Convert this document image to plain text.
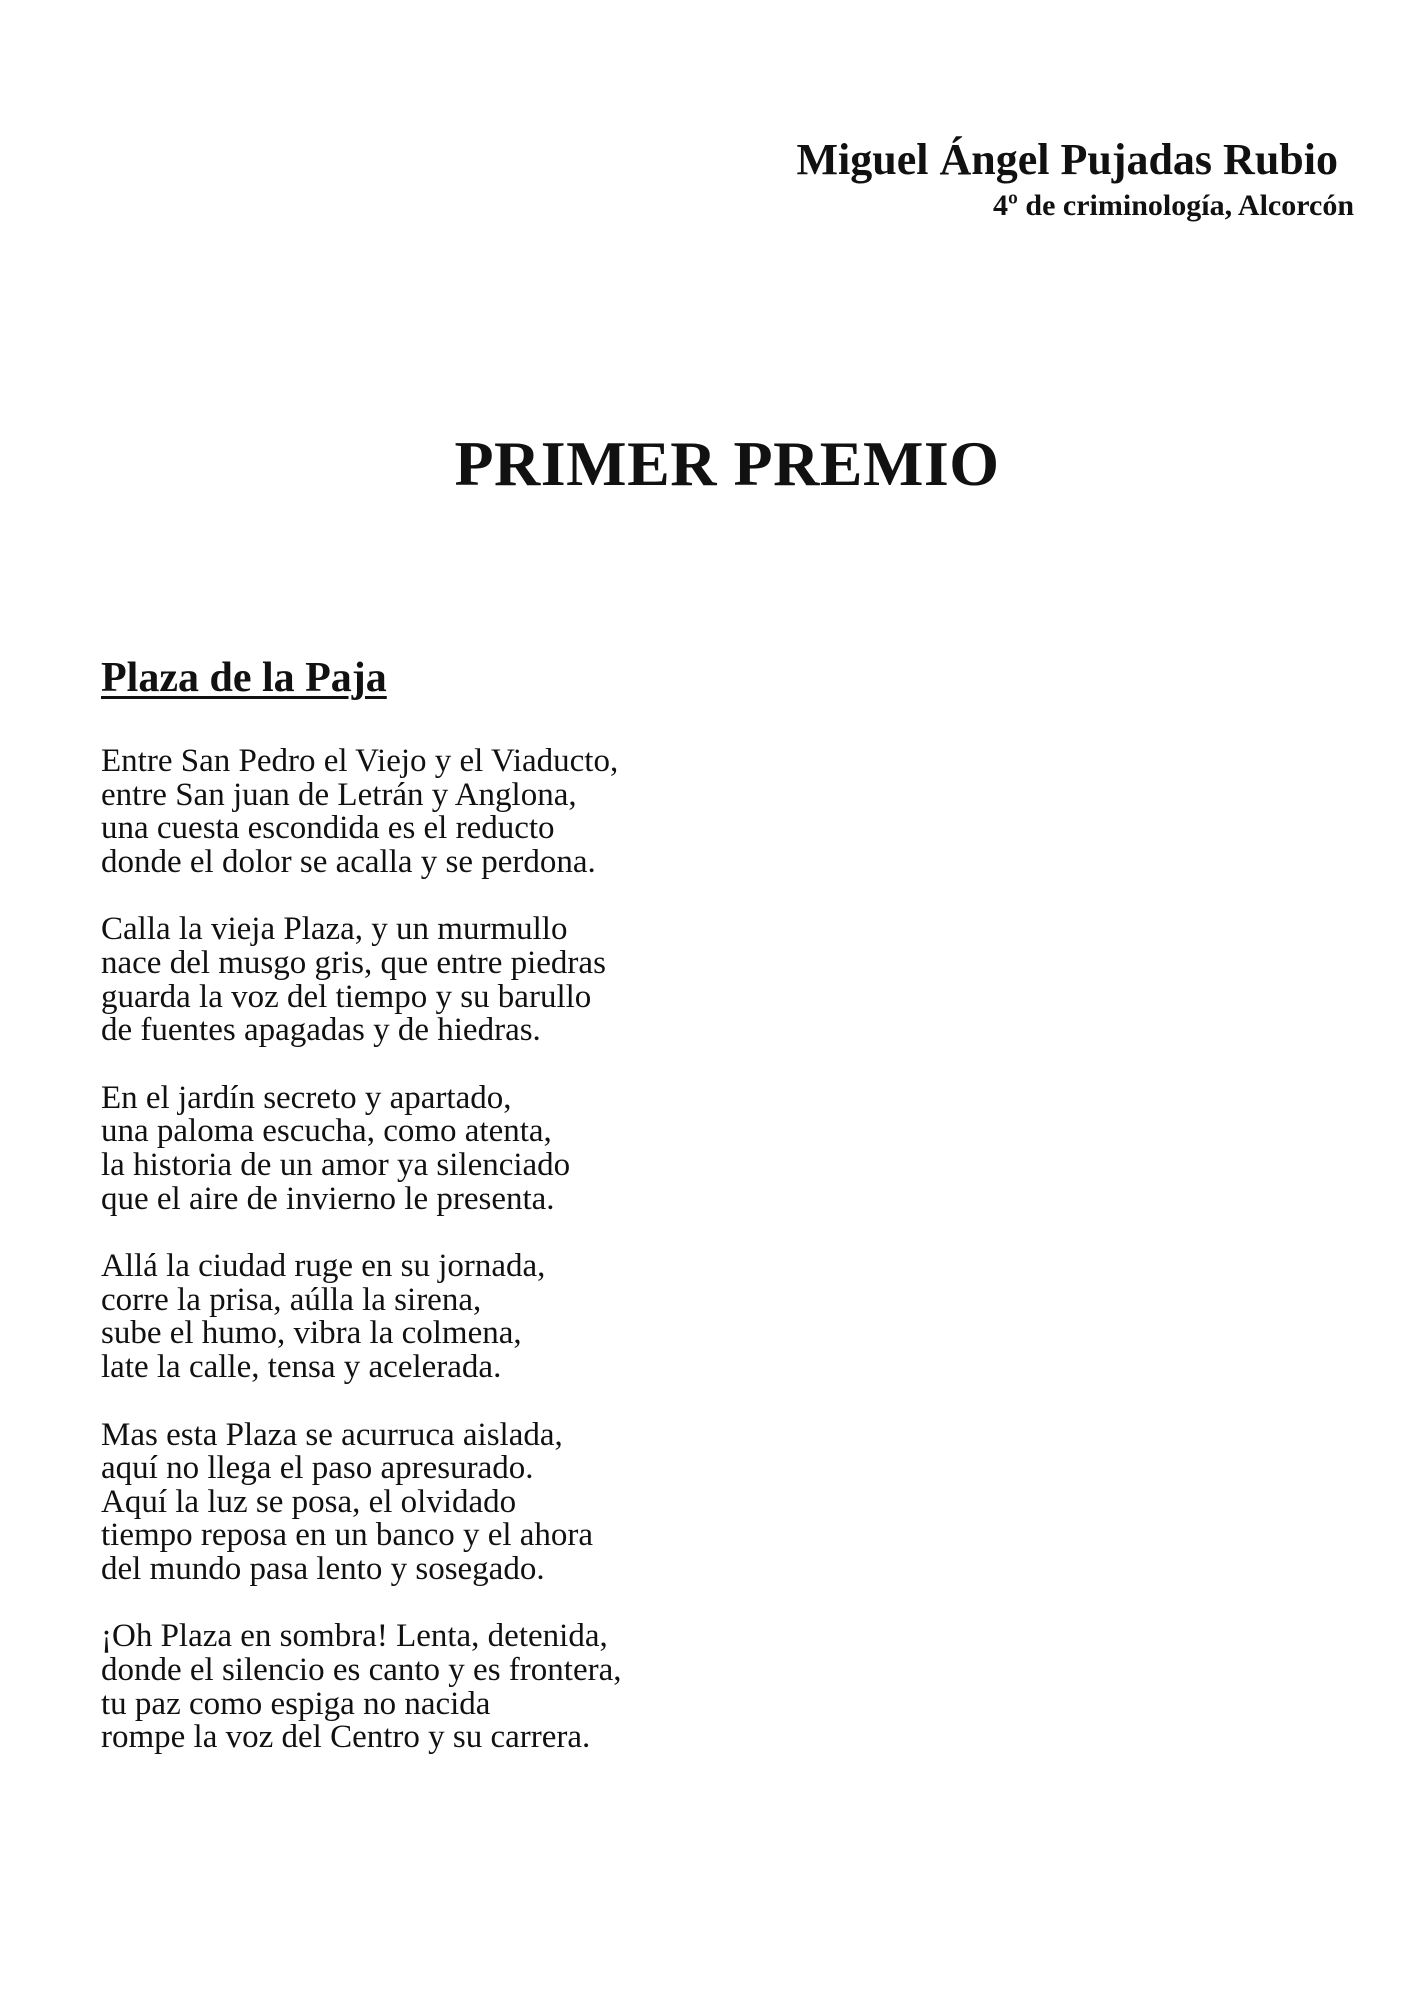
Miguel Ángel Pujadas Rubio
4º de criminología, Alcorcón
PRIMER PREMIO
Plaza de la Paja
Entre San Pedro el Viejo y el Viaducto,
entre San juan de Letrán y Anglona,
una cuesta escondida es el reducto
donde el dolor se acalla y se perdona.
Calla la vieja Plaza, y un murmullo
nace del musgo gris, que entre piedras
guarda la voz del tiempo y su barullo
de fuentes apagadas y de hiedras.
En el jardín secreto y apartado,
una paloma escucha, como atenta,
la historia de un amor ya silenciado
que el aire de invierno le presenta.
Allá la ciudad ruge en su jornada,
corre la prisa, aúlla la sirena,
sube el humo, vibra la colmena,
late la calle, tensa y acelerada.
Mas esta Plaza se acurruca aislada,
aquí no llega el paso apresurado.
Aquí la luz se posa, el olvidado
tiempo reposa en un banco y el ahora
del mundo pasa lento y sosegado.
¡Oh Plaza en sombra! Lenta, detenida,
donde el silencio es canto y es frontera,
tu paz como espiga no nacida
rompe la voz del Centro y su carrera.
